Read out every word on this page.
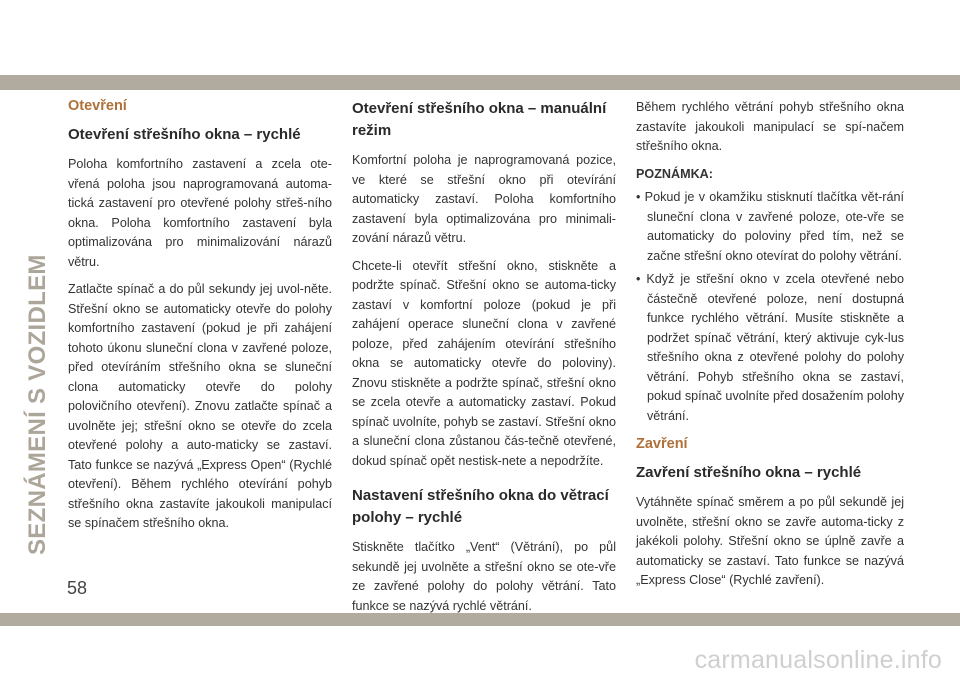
SEZNÁMENÍ S VOZIDLEM
Otevření
Otevření střešního okna – rychlé

Poloha komfortního zastavení a zcela ote-vřená poloha jsou naprogramovaná automa-tická zastavení pro otevřené polohy střeš-ního okna. Poloha komfortního zastavení byla optimalizována pro minimalizování nárazů větru.

Zatlačte spínač a do půl sekundy jej uvol-něte. Střešní okno se automaticky otevře do polohy komfortního zastavení (pokud je při zahájení tohoto úkonu sluneční clona v zavřené poloze, před otevíráním střešního okna se sluneční clona automaticky otevře do polohy polovičního otevření). Znovu zatlačte spínač a uvolněte jej; střešní okno se otevře do zcela otevřené polohy a auto-maticky se zastaví. Tato funkce se nazývá „Express Open“ (Rychlé otevření). Během rychlého otevírání pohyb střešního okna zastavíte jakoukoli manipulací se spínačem střešního okna.

Otevření střešního okna – manuální režim

Komfortní poloha je naprogramovaná pozice, ve které se střešní okno při otevírání automaticky zastaví. Poloha komfortního zastavení byla optimalizována pro minimali-zování nárazů větru.

Chcete-li otevřít střešní okno, stiskněte a podržte spínač. Střešní okno se automa-ticky zastaví v komfortní poloze (pokud je při zahájení operace sluneční clona v zavřené poloze, před zahájením otevírání střešního okna se automaticky otevře do poloviny). Znovu stiskněte a podržte spínač, střešní okno se zcela otevře a automaticky zastaví. Pokud spínač uvolníte, pohyb se zastaví. Střešní okno a sluneční clona zůstanou čás-tečně otevřené, dokud spínač opět nestisk-nete a nepodržíte.

Nastavení střešního okna do větrací polohy – rychlé

Stiskněte tlačítko „Vent“ (Větrání), po půl sekundě jej uvolněte a střešní okno se ote-vře ze zavřené polohy do polohy větrání. Tato funkce se nazývá rychlé větrání.

Během rychlého větrání pohyb střešního okna zastavíte jakoukoli manipulací se spí-načem střešního okna.

POZNÁMKA:

• Pokud je v okamžiku stisknutí tlačítka vět-rání sluneční clona v zavřené poloze, ote-vře se automaticky do poloviny před tím, než se začne střešní okno otevírat do polohy větrání.
• Když je střešní okno v zcela otevřené nebo částečně otevřené poloze, není dostupná funkce rychlého větrání. Musíte stiskněte a podržet spínač větrání, který aktivuje cyk-lus střešního okna z otevřené polohy do polohy větrání. Pohyb střešního okna se zastaví, pokud spínač uvolníte před dosažením polohy větrání.
Zavření
Zavření střešního okna – rychlé

Vytáhněte spínač směrem a po půl sekundě jej uvolněte, střešní okno se zavře automa-ticky z jakékoli polohy. Střešní okno se úplně zavře a automaticky se zastaví. Tato funkce se nazývá „Express Close“ (Rychlé zavření).

58
carmanualsonline.info
